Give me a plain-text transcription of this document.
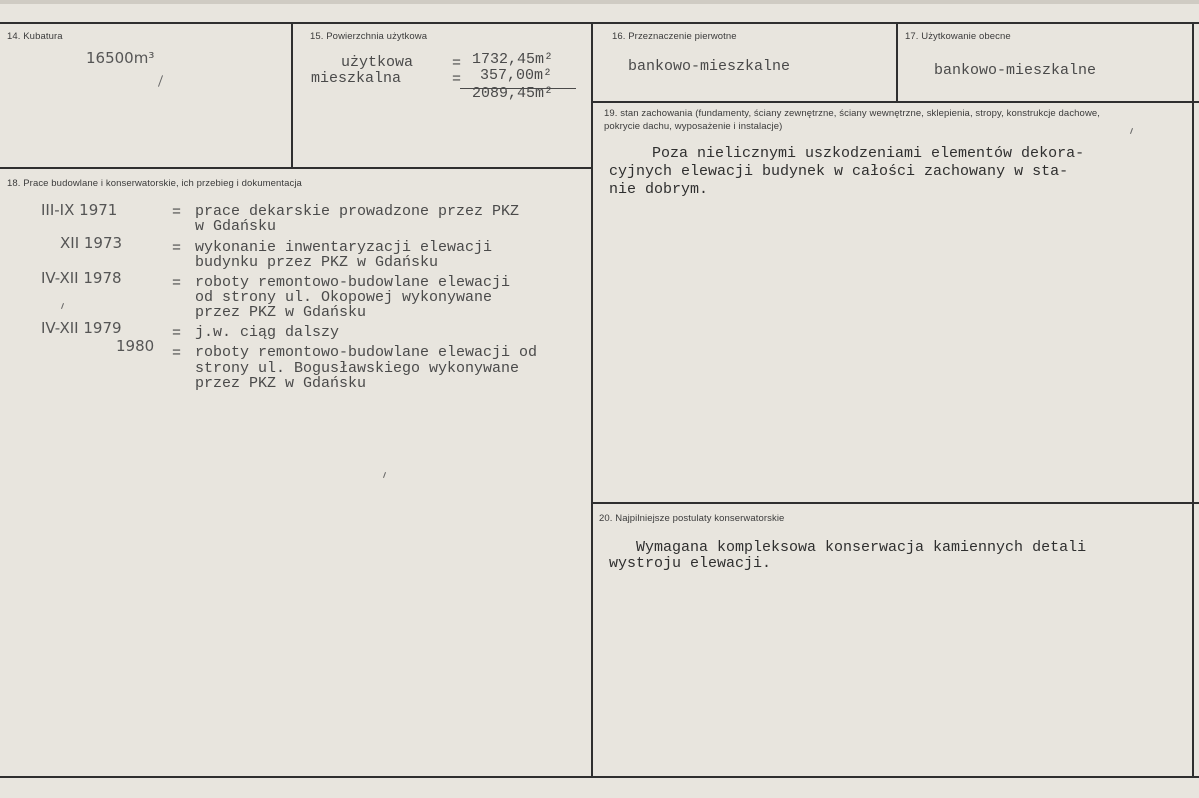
14. Kubatura
16500m³
15. Powierzchnia użytkowa
użytkowa	= 1732,45m²
mieszkalna	= 357,00m²
2089,45m²
16. Przeznaczenie pierwotne
bankowo-mieszkalne
17. Użytkowanie obecne
bankowo-mieszkalne
19. stan zachowania (fundamenty, ściany zewnętrzne, ściany wewnętrzne, sklepienia, stropy, konstrukcje dachowe, pokrycie dachu, wyposażenie i instalacje)
Poza nielicznymi uszkodzeniami elementów dekora-
cyjnych elewacji budynek w całości zachowany w sta-
nie dobrym.
18. Prace budowlane i konserwatorskie, ich przebieg i dokumentacja
III-IX 1971	= prace dekarskie prowadzone przez PKZ
w Gdańsku
XII 1973	= wykonanie inwentaryzacji elewacji
budynku przez PKZ w Gdańsku
IV-XII 1978	= roboty remontowo-budowlane elewacji
od strony ul. Okopowej wykonywane
przez PKZ w Gdańsku
IV-XII 1979	= j.w. ciąg dalszy
1980 = roboty remontowo-budowlane elewacji od
strony ul. Bogusławskiego wykonywane
przez PKZ w Gdańsku
20. Najpilniejsze postulaty konserwatorskie
Wymagana kompleksowa konserwacja kamiennych detali
wystroju elewacji.
